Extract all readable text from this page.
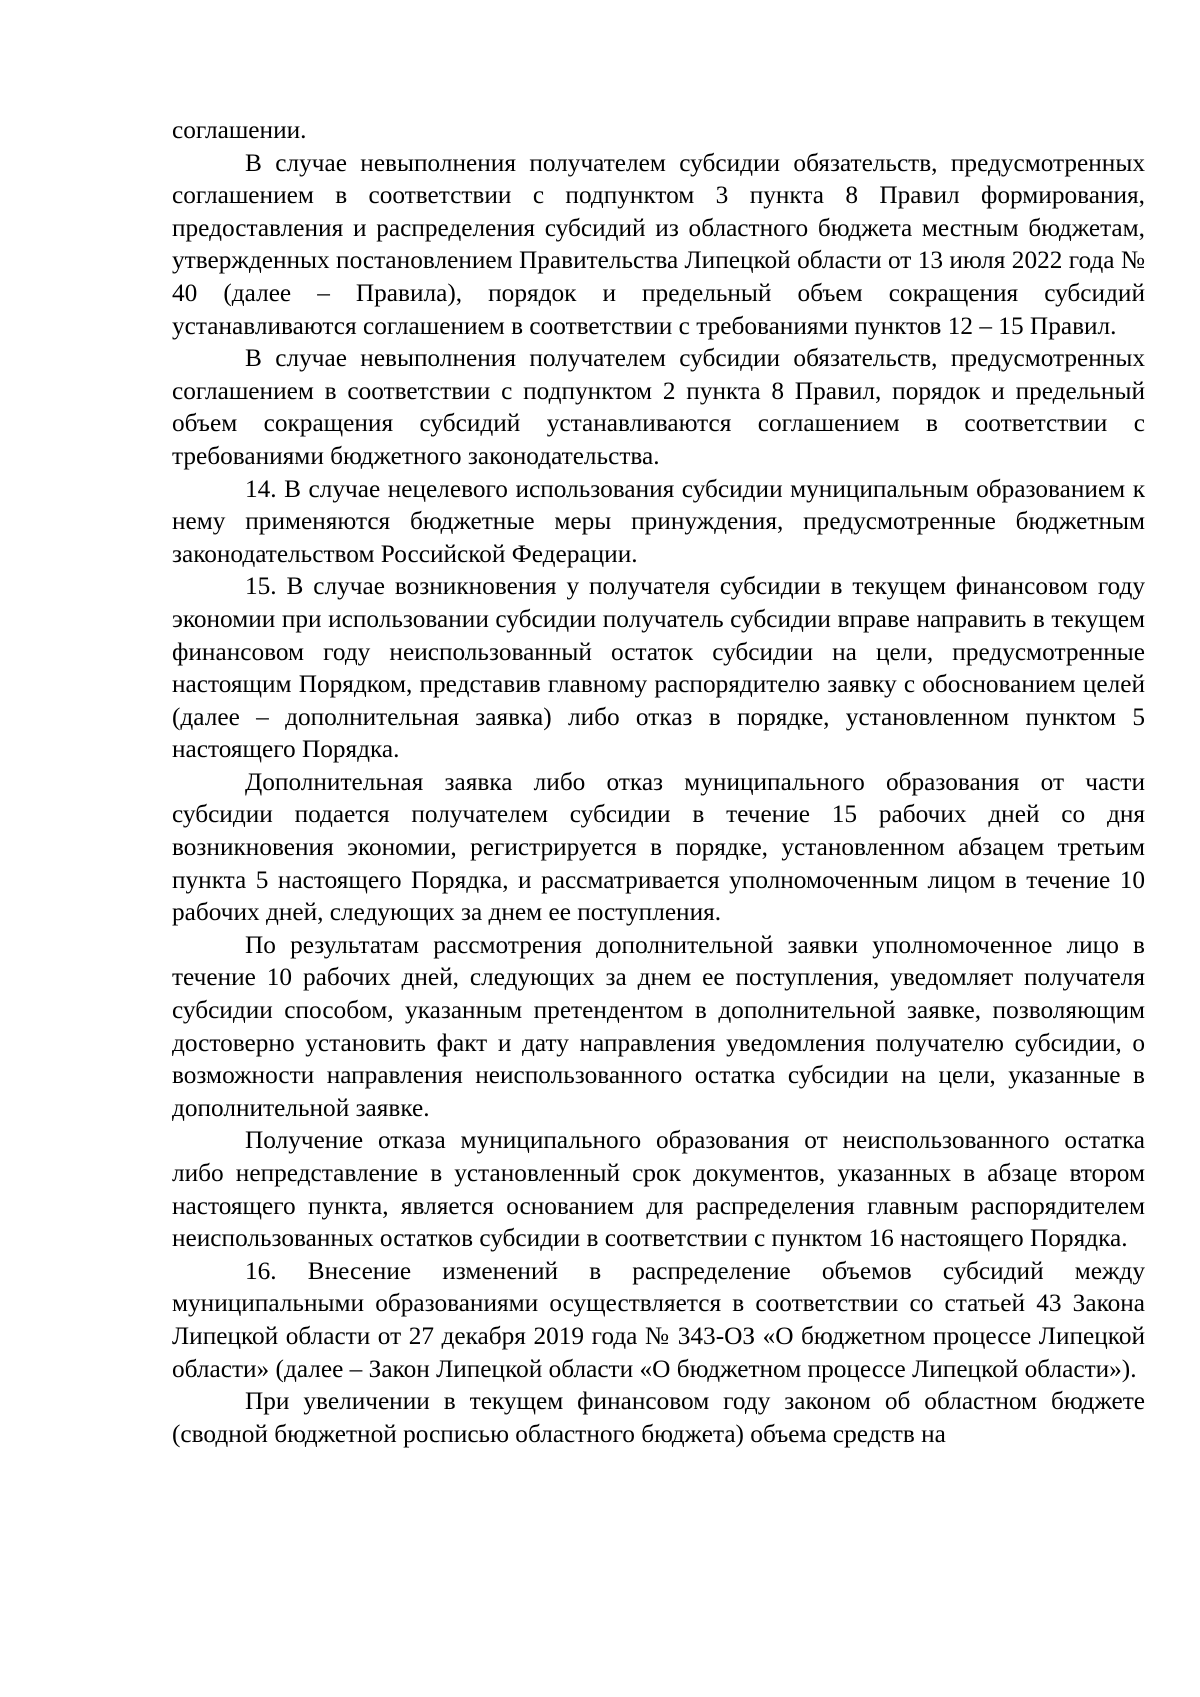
соглашении.

В случае невыполнения получателем субсидии обязательств, предусмотренных соглашением в соответствии с подпунктом 3 пункта 8 Правил формирования, предоставления и распределения субсидий из областного бюджета местным бюджетам, утвержденных постановлением Правительства Липецкой области от 13 июля 2022 года № 40 (далее – Правила), порядок и предельный объем сокращения субсидий устанавливаются соглашением в соответствии с требованиями пунктов 12 – 15 Правил.

В случае невыполнения получателем субсидии обязательств, предусмотренных соглашением в соответствии с подпунктом 2 пункта 8 Правил, порядок и предельный объем сокращения субсидий устанавливаются соглашением в соответствии с требованиями бюджетного законодательства.

14. В случае нецелевого использования субсидии муниципальным образованием к нему применяются бюджетные меры принуждения, предусмотренные бюджетным законодательством Российской Федерации.

15. В случае возникновения у получателя субсидии в текущем финансовом году экономии при использовании субсидии получатель субсидии вправе направить в текущем финансовом году неиспользованный остаток субсидии на цели, предусмотренные настоящим Порядком, представив главному распорядителю заявку с обоснованием целей (далее – дополнительная заявка) либо отказ в порядке, установленном пунктом 5 настоящего Порядка.

Дополнительная заявка либо отказ муниципального образования от части субсидии подается получателем субсидии в течение 15 рабочих дней со дня возникновения экономии, регистрируется в порядке, установленном абзацем третьим пункта 5 настоящего Порядка, и рассматривается уполномоченным лицом в течение 10 рабочих дней, следующих за днем ее поступления.

По результатам рассмотрения дополнительной заявки уполномоченное лицо в течение 10 рабочих дней, следующих за днем ее поступления, уведомляет получателя субсидии способом, указанным претендентом в дополнительной заявке, позволяющим достоверно установить факт и дату направления уведомления получателю субсидии, о возможности направления неиспользованного остатка субсидии на цели, указанные в дополнительной заявке.

Получение отказа муниципального образования от неиспользованного остатка либо непредставление в установленный срок документов, указанных в абзаце втором настоящего пункта, является основанием для распределения главным распорядителем неиспользованных остатков субсидии в соответствии с пунктом 16 настоящего Порядка.

16. Внесение изменений в распределение объемов субсидий между муниципальными образованиями осуществляется в соответствии со статьей 43 Закона Липецкой области от 27 декабря 2019 года № 343-ОЗ «О бюджетном процессе Липецкой области» (далее – Закон Липецкой области «О бюджетном процессе Липецкой области»).

При увеличении в текущем финансовом году законом об областном бюджете (сводной бюджетной росписью областного бюджета) объема средств на
